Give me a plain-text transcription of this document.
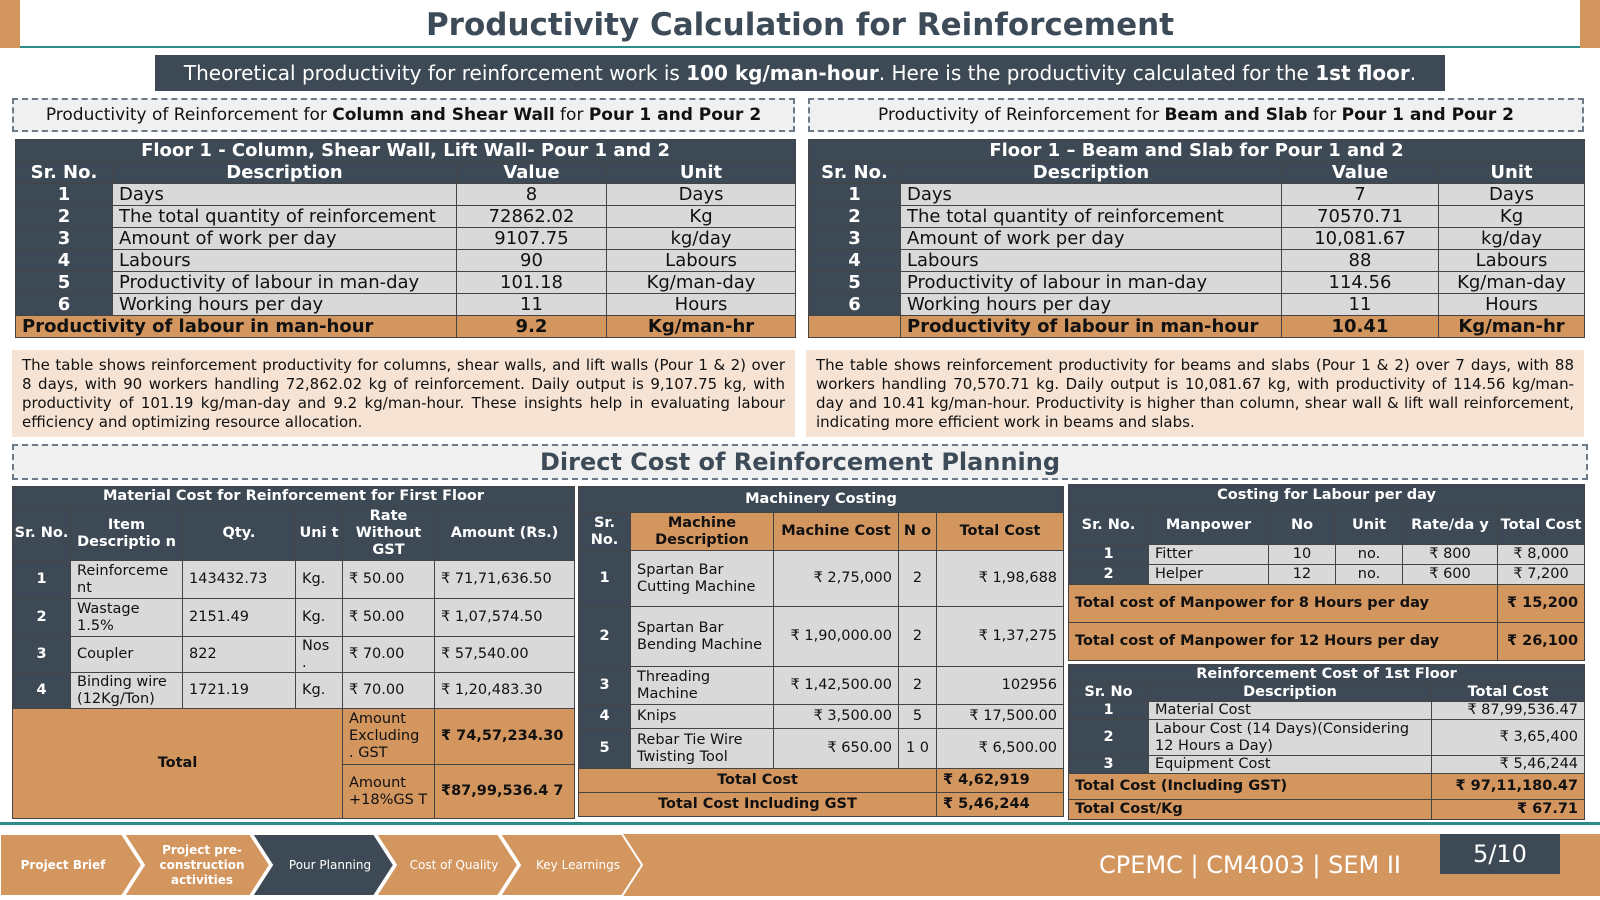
Productivity Calculation for Reinforcement
Theoretical productivity for reinforcement work is 100 kg/man-hour. Here is the productivity calculated for the 1st floor.
Productivity of Reinforcement for Column and Shear Wall for Pour 1 and Pour 2
Floor 1 - Column, Shear Wall, Lift Wall- Pour 1 and 2			
Sr. No.	Description	Value	Unit
1	Days	8	Days
2	The total quantity of reinforcement	72862.02	Kg
3	Amount of work per day	9107.75	kg/day
4	Labours	90	Labours
5	Productivity of labour in man-day	101.18	Kg/man-day
6	Working hours per day	11	Hours
Productivity of labour in man-hour		9.2	Kg/man-hr
The table shows reinforcement productivity for columns, shear walls, and lift walls (Pour 1 & 2) over 8 days, with 90 workers handling 72,862.02 kg of reinforcement. Daily output is 9,107.75 kg, with productivity of 101.19 kg/man-day and 9.2 kg/man-hour. These insights help in evaluating labour efficiency and optimizing resource allocation.
Productivity of Reinforcement for Beam and Slab for Pour 1 and Pour 2
Floor 1 – Beam and Slab for Pour 1 and 2			
Sr. No.	Description	Value	Unit
1	Days	7	Days
2	The total quantity of reinforcement	70570.71	Kg
3	Amount of work per day	10,081.67	kg/day
4	Labours	88	Labours
5	Productivity of labour in man-day	114.56	Kg/man-day
6	Working hours per day	11	Hours
	Productivity of labour in man-hour	10.41	Kg/man-hr
The table shows reinforcement productivity for beams and slabs (Pour 1 & 2) over 7 days, with 88 workers handling 70,570.71 kg. Daily output is 10,081.67 kg, with productivity of 114.56 kg/man-day and 10.41 kg/man-hour. Productivity is higher than column, shear wall & lift wall reinforcement, indicating more efficient work in beams and slabs.
Direct Cost of Reinforcement Planning
Material Cost for Reinforcement for First Floor					
Sr. No.	Item Descriptio n	Qty.	Uni t	Rate Without GST	Amount (Rs.)
1	Reinforceme nt	143432.73	Kg.	₹ 50.00	₹ 71,71,636.50
2	Wastage 1.5%	2151.49	Kg.	₹ 50.00	₹ 1,07,574.50
3	Coupler	822	Nos .	₹ 70.00	₹ 57,540.00
4	Binding wire (12Kg/Ton)	1721.19	Kg.	₹ 70.00	₹ 1,20,483.30
Total				Amount Excluding . GST	₹ 74,57,234.30
				Amount +18%GS T	₹87,99,536.4 7
Machinery Costing				
Sr. No.	Machine Description	Machine Cost	N o	Total Cost
1	Spartan Bar Cutting Machine	₹ 2,75,000	2	₹ 1,98,688
2	Spartan Bar Bending Machine	₹ 1,90,000.00	2	₹ 1,37,275
3	Threading Machine	₹ 1,42,500.00	2	102956
4	Knips	₹ 3,500.00	5	₹ 17,500.00
5	Rebar Tie Wire Twisting Tool	₹ 650.00	1 0	₹ 6,500.00
Total Cost				₹ 4,62,919
Total Cost Including GST				₹ 5,46,244
Costing for Labour per day					
Sr. No.	Manpower	No	Unit	Rate/da y	Total Cost
1	Fitter	10	no.	₹ 800	₹ 8,000
2	Helper	12	no.	₹ 600	₹ 7,200
Total cost of Manpower for 8 Hours per day					₹ 15,200
Total cost of Manpower for 12 Hours per day					₹ 26,100
Reinforcement Cost of 1st Floor		
Sr. No	Description	Total Cost
1	Material Cost	₹ 87,99,536.47
2	Labour Cost (14 Days)(Considering 12 Hours a Day)	₹ 3,65,400
3	Equipment Cost	₹ 5,46,244
Total Cost (Including GST)		₹ 97,11,180.47
Total Cost/Kg		₹ 67.71
Project Brief
Project pre-construction activities
Pour Planning	Cost of Quality	Key Learnings	CPEMC | CM4003 | SEM II	5/10
